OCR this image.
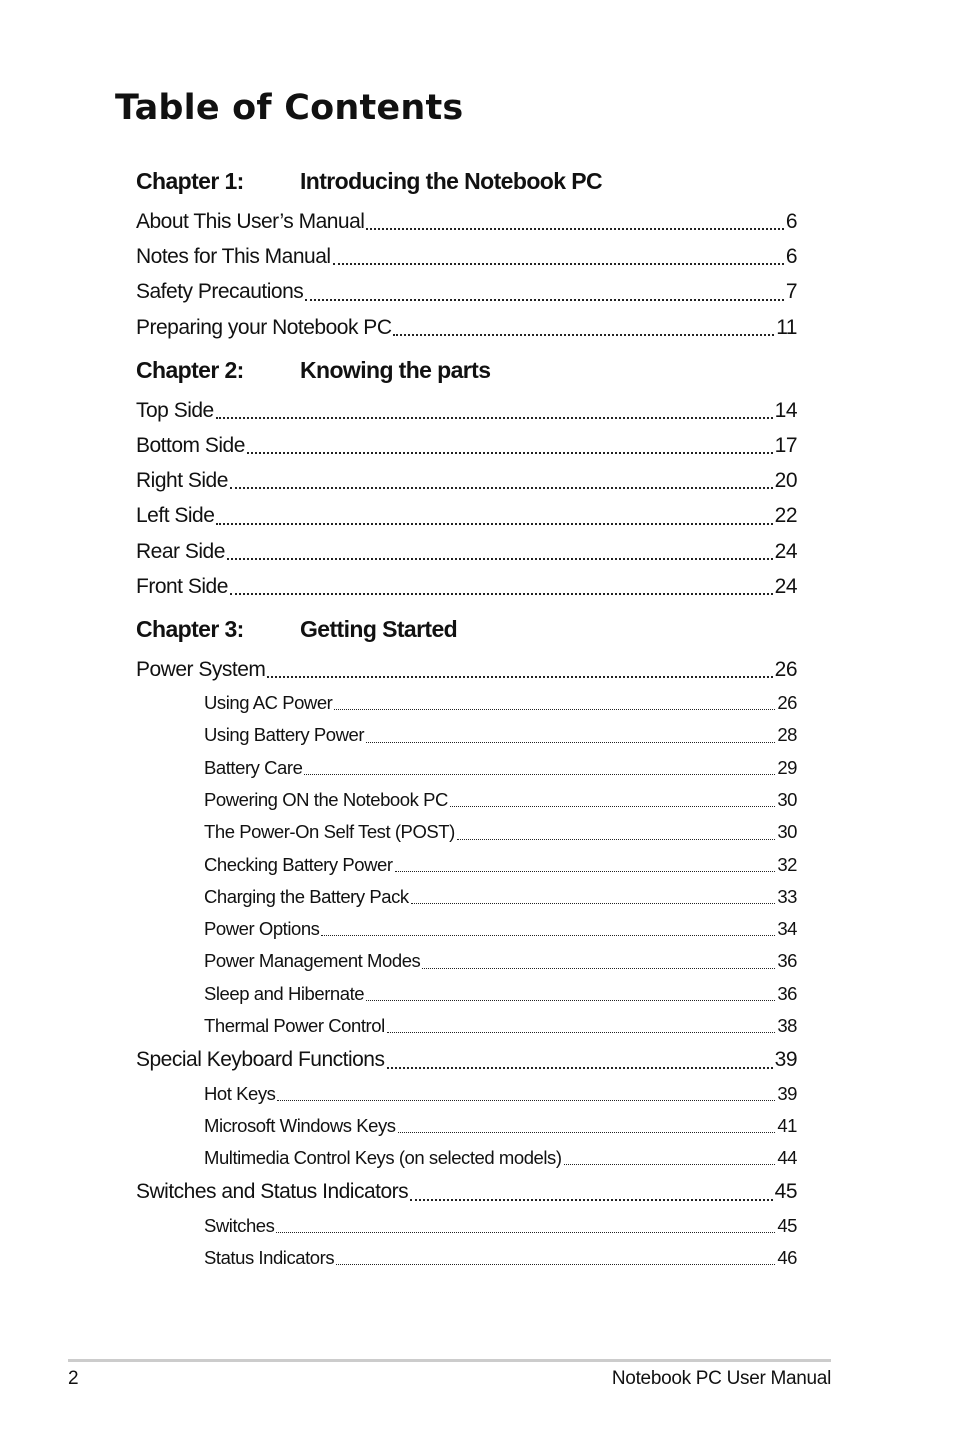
Table of Contents
Chapter 1:	Introducing the Notebook PC
About This User’s Manual	6
Notes for This Manual	6
Safety Precautions	7
Preparing your Notebook PC	11
Chapter 2:	Knowing the parts
Top Side	14
Bottom Side	17
Right Side	20
Left Side	22
Rear Side	24
Front Side	24
Chapter 3:	Getting Started
Power System	26
Using AC Power	26
Using Battery Power	28
Battery Care	29
Powering ON the Notebook PC	30
The Power-On Self Test (POST)	30
Checking Battery Power	32
Charging the Battery Pack	33
Power Options	34
Power Management Modes	36
Sleep and Hibernate	36
Thermal Power Control	38
Special Keyboard Functions	39
Hot Keys	39
Microsoft Windows Keys	41
Multimedia Control Keys (on selected models)	44
Switches and Status Indicators	45
Switches	45
Status Indicators	46
2	Notebook PC User Manual
